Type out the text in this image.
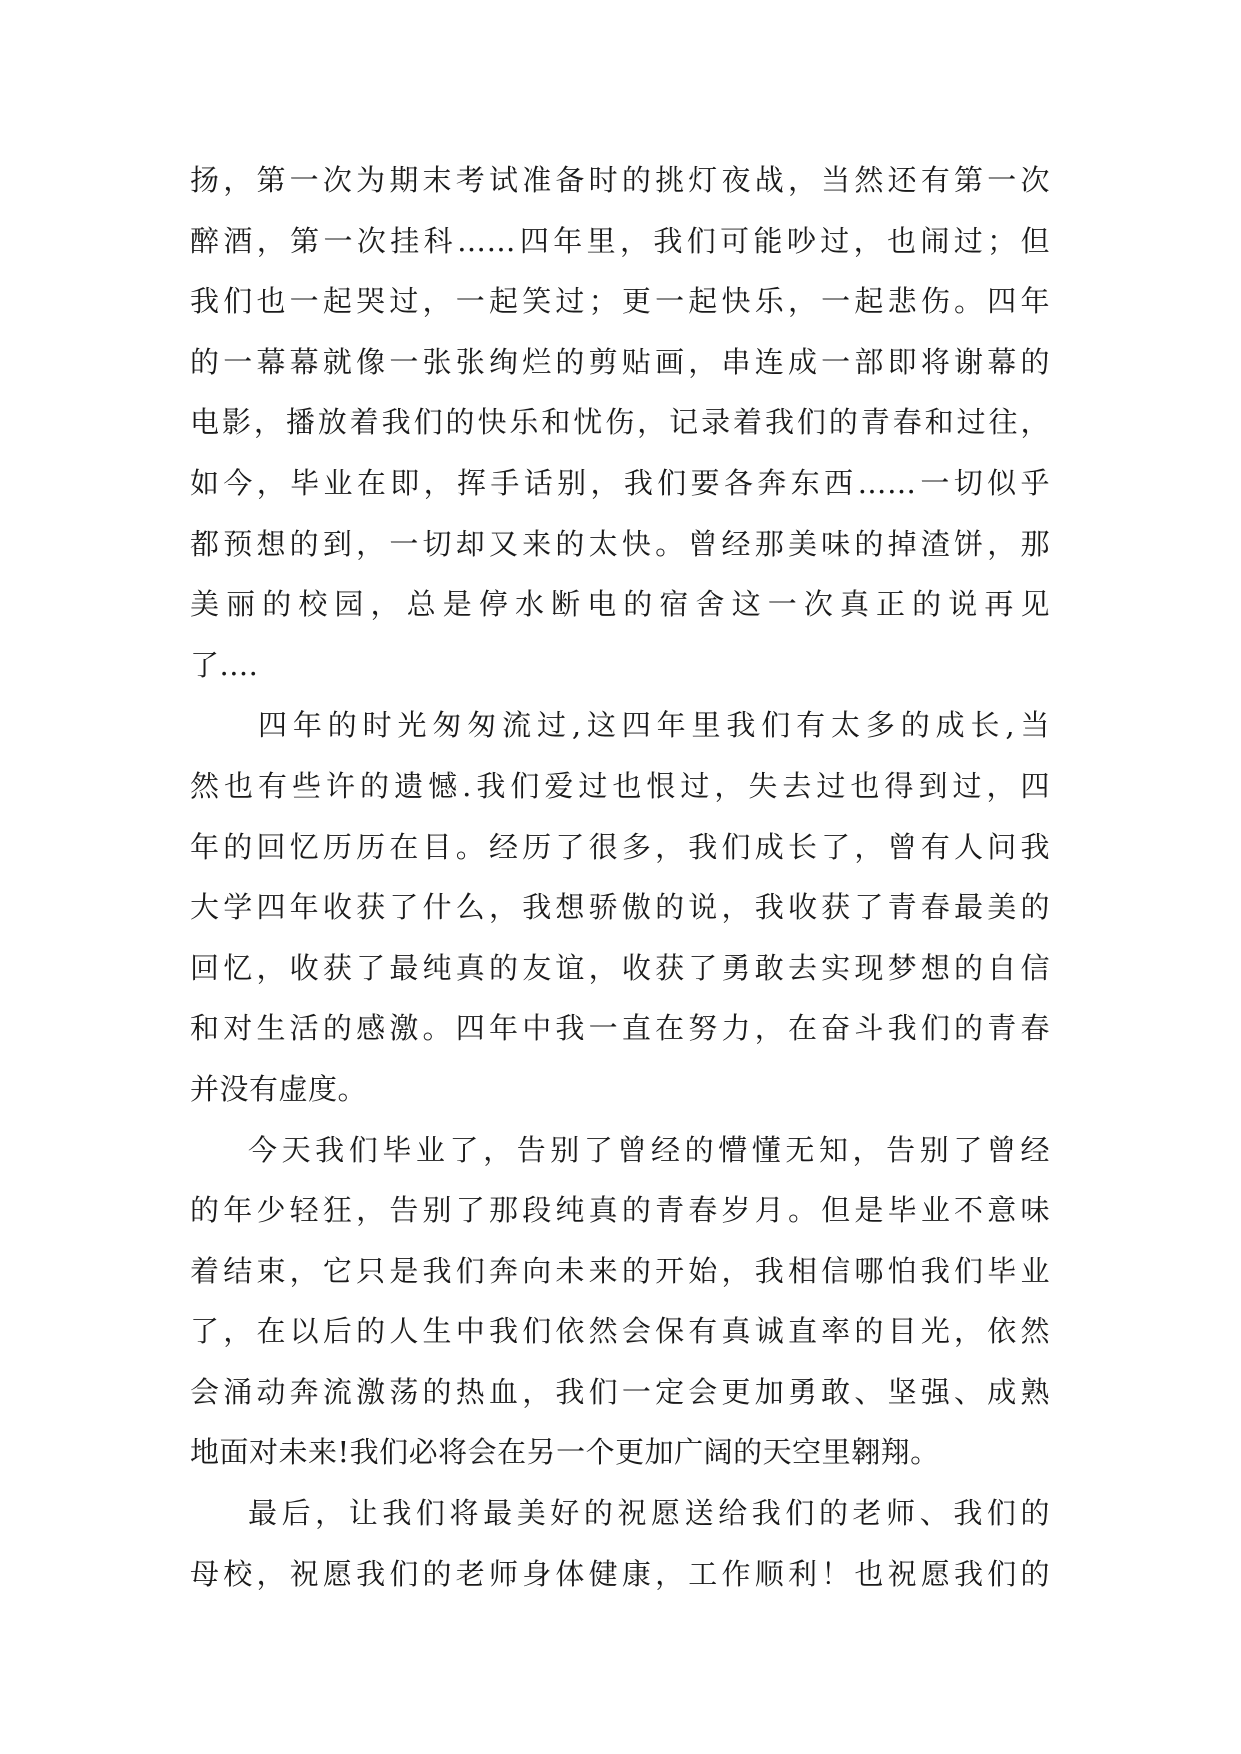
扬，第一次为期末考试准备时的挑灯夜战，当然还有第一次
醉酒，第一次挂科……四年里，我们可能吵过，也闹过；但
我们也一起哭过，一起笑过；更一起快乐，一起悲伤。四年
的一幕幕就像一张张绚烂的剪贴画，串连成一部即将谢幕的
电影，播放着我们的快乐和忧伤，记录着我们的青春和过往，
如今，毕业在即，挥手话别，我们要各奔东西……一切似乎
都预想的到，一切却又来的太快。曾经那美味的掉渣饼，那
美丽的校园，总是停水断电的宿舍这一次真正的说再见
了....
四年的时光匆匆流过,这四年里我们有太多的成长,当
然也有些许的遗憾.我们爱过也恨过，失去过也得到过，四
年的回忆历历在目。经历了很多，我们成长了，曾有人问我
大学四年收获了什么，我想骄傲的说，我收获了青春最美的
回忆，收获了最纯真的友谊，收获了勇敢去实现梦想的自信
和对生活的感激。四年中我一直在努力，在奋斗我们的青春
并没有虚度。
今天我们毕业了，告别了曾经的懵懂无知，告别了曾经
的年少轻狂，告别了那段纯真的青春岁月。但是毕业不意味
着结束，它只是我们奔向未来的开始，我相信哪怕我们毕业
了，在以后的人生中我们依然会保有真诚直率的目光，依然
会涌动奔流激荡的热血，我们一定会更加勇敢、坚强、成熟
地面对未来!我们必将会在另一个更加广阔的天空里翱翔。
最后，让我们将最美好的祝愿送给我们的老师、我们的
母校，祝愿我们的老师身体健康，工作顺利！也祝愿我们的
